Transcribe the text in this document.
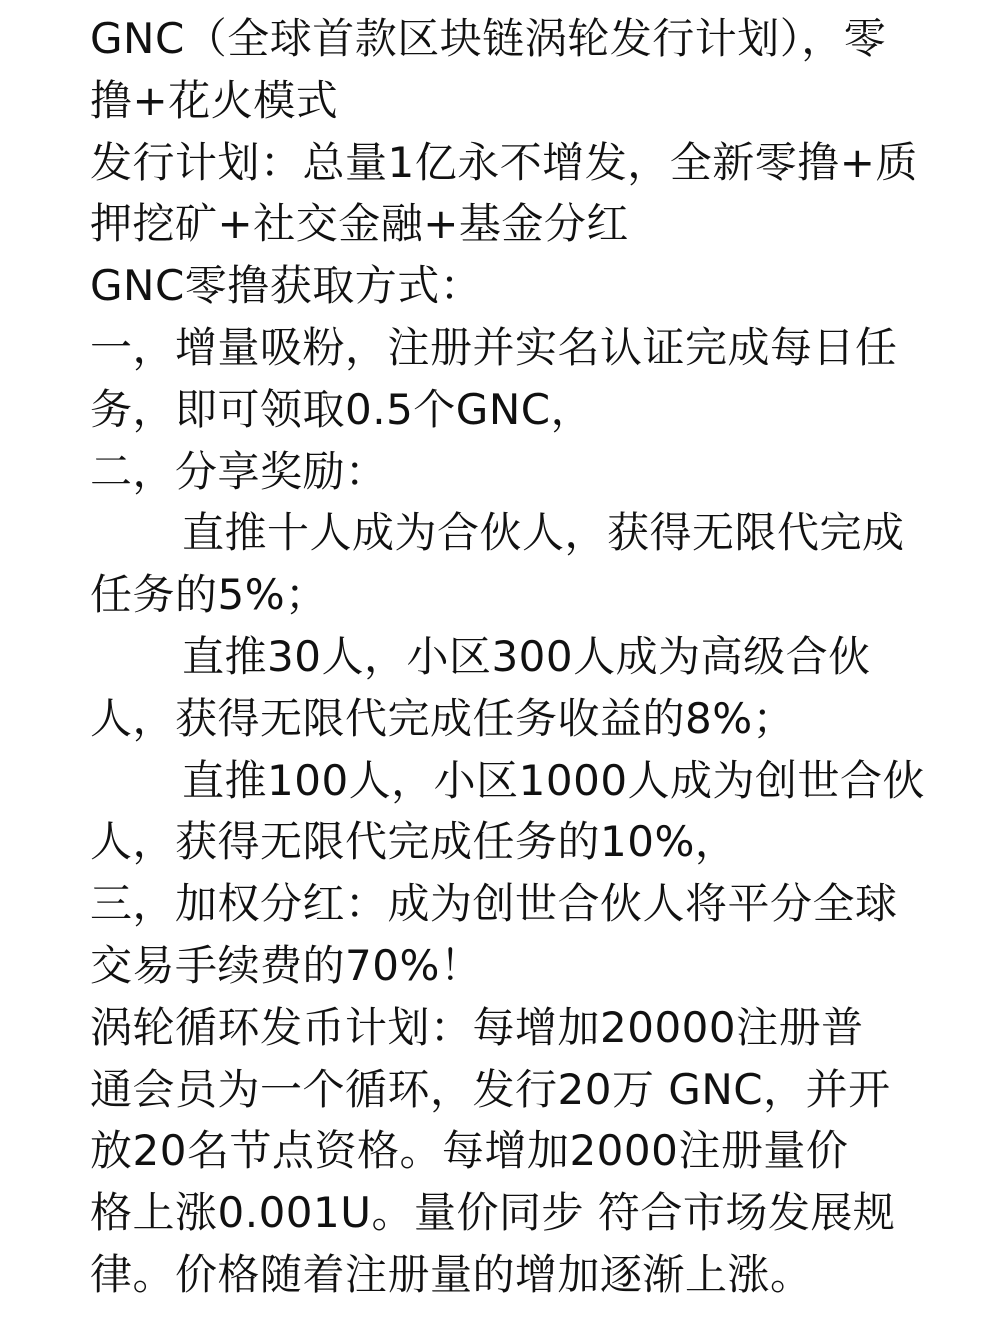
GNC（全球首款区块链涡轮发行计划），零
撸+花火模式
发行计划：总量1亿永不增发，全新零撸+质
押挖矿+社交金融+基金分红
GNC零撸获取方式：
一，增量吸粉，注册并实名认证完成每日任
务，即可领取0.5个GNC，
二，分享奖励：
直推十人成为合伙人，获得无限代完成
任务的5%；
直推30人，小区300人成为高级合伙
人，获得无限代完成任务收益的8%；
直推100人，小区1000人成为创世合伙
人，获得无限代完成任务的10%，
三，加权分红：成为创世合伙人将平分全球
交易手续费的70%！
涡轮循环发币计划：每增加20000注册普
通会员为一个循环，发行20万 GNC，并开
放20名节点资格。每增加2000注册量价
格上涨0.001U。量价同步 符合市场发展规
律。价格随着注册量的增加逐渐上涨。
